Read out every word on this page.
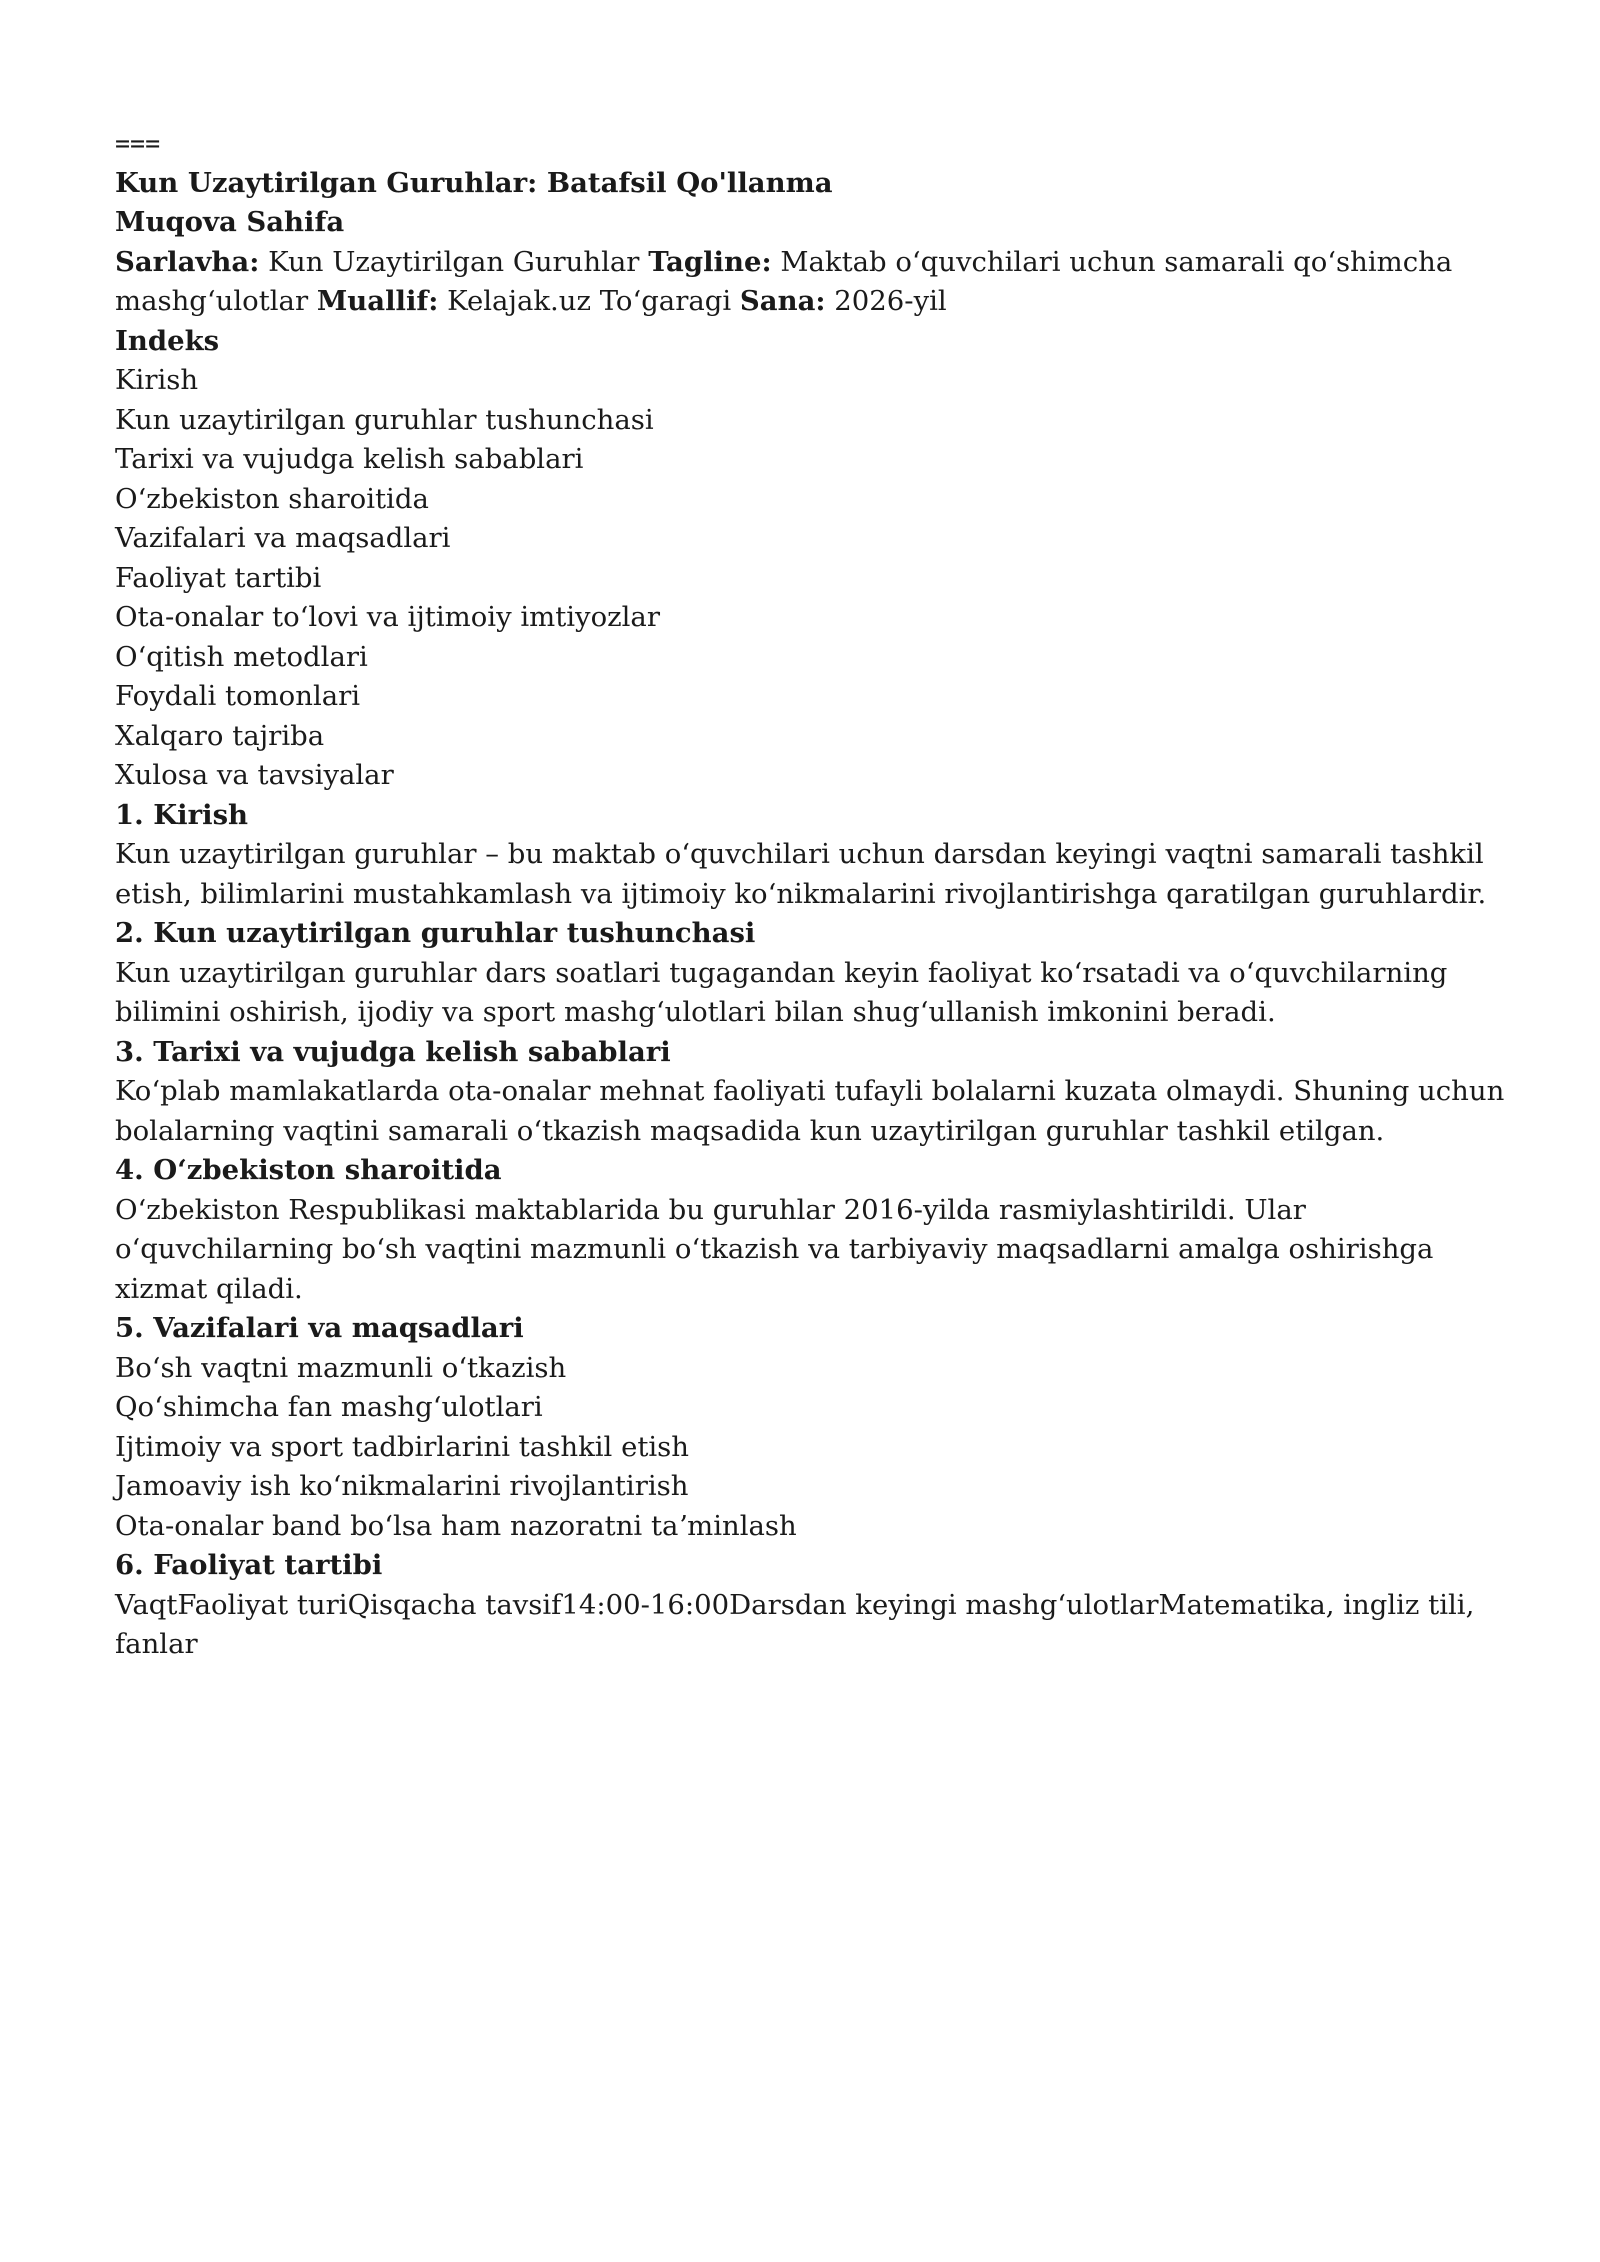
===
Kun Uzaytirilgan Guruhlar: Batafsil Qo'llanma
Muqova Sahifa
Sarlavha: Kun Uzaytirilgan Guruhlar Tagline: Maktab oʻquvchilari uchun samarali qoʻshimcha mashgʻulotlar Muallif: Kelajak.uz Toʻgaragi Sana: 2026-yil
Indeks
Kirish
Kun uzaytirilgan guruhlar tushunchasi
Tarixi va vujudga kelish sabablari
Oʻzbekiston sharoitida
Vazifalari va maqsadlari
Faoliyat tartibi
Ota-onalar toʻlovi va ijtimoiy imtiyozlar
Oʻqitish metodlari
Foydali tomonlari
Xalqaro tajriba
Xulosa va tavsiyalar
1. Kirish
Kun uzaytirilgan guruhlar – bu maktab oʻquvchilari uchun darsdan keyingi vaqtni samarali tashkil etish, bilimlarini mustahkamlash va ijtimoiy koʻnikmalarini rivojlantirishga qaratilgan guruhlardir.
2. Kun uzaytirilgan guruhlar tushunchasi
Kun uzaytirilgan guruhlar dars soatlari tugagandan keyin faoliyat koʻrsatadi va oʻquvchilarning bilimini oshirish, ijodiy va sport mashgʻulotlari bilan shugʻullanish imkonini beradi.
3. Tarixi va vujudga kelish sabablari
Koʻplab mamlakatlarda ota-onalar mehnat faoliyati tufayli bolalarni kuzata olmaydi. Shuning uchun bolalarning vaqtini samarali oʻtkazish maqsadida kun uzaytirilgan guruhlar tashkil etilgan.
4. Oʻzbekiston sharoitida
Oʻzbekiston Respublikasi maktablarida bu guruhlar 2016-yilda rasmiylashtirildi. Ular oʻquvchilarning boʻsh vaqtini mazmunli oʻtkazish va tarbiyaviy maqsadlarni amalga oshirishga xizmat qiladi.
5. Vazifalari va maqsadlari
Boʻsh vaqtni mazmunli oʻtkazish
Qoʻshimcha fan mashgʻulotlari
Ijtimoiy va sport tadbirlarini tashkil etish
Jamoaviy ish koʻnikmalarini rivojlantirish
Ota-onalar band boʻlsa ham nazoratni taʼminlash
6. Faoliyat tartibi
VaqtFaoliyat turiQisqacha tavsif14:00-16:00Darsdan keyingi mashgʻulotlarMatematika, ingliz tili, fanlar
